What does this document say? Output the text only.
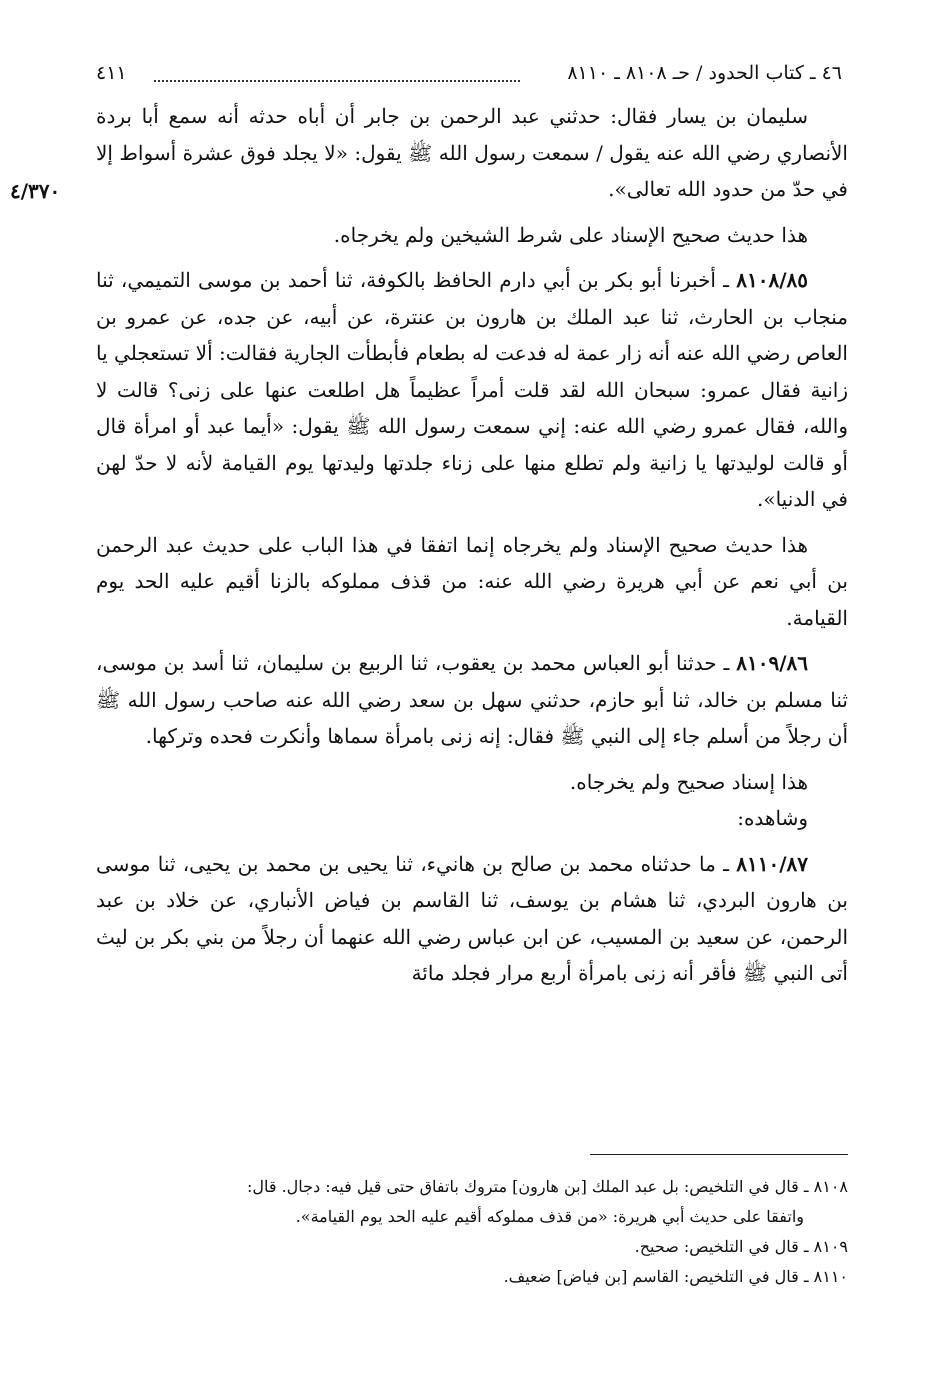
٤٦ ـ كتاب الحدود / حـ ٨١٠٨ ـ ٨١١٠
٤١١
٤/٣٧٠

سليمان بن يسار فقال: حدثني عبد الرحمن بن جابر أن أباه حدثه أنه سمع أبا بردة الأنصاري رضي الله عنه يقول / سمعت رسول الله ﷺ يقول: «لا يجلد فوق عشرة أسواط إلا في حدّ من حدود الله تعالى».

هذا حديث صحيح الإسناد على شرط الشيخين ولم يخرجاه.

٨١٠٨/٨٥ ـ أخبرنا أبو بكر بن أبي دارم الحافظ بالكوفة، ثنا أحمد بن موسى التميمي، ثنا منجاب بن الحارث، ثنا عبد الملك بن هارون بن عنترة، عن أبيه، عن جده، عن عمرو بن العاص رضي الله عنه أنه زار عمة له فدعت له بطعام فأبطأت الجارية فقالت: ألا تستعجلي يا زانية فقال عمرو: سبحان الله لقد قلت أمراً عظيماً هل اطلعت عنها على زنى؟ قالت لا والله، فقال عمرو رضي الله عنه: إني سمعت رسول الله ﷺ يقول: «أيما عبد أو امرأة قال أو قالت لوليدتها يا زانية ولم تطلع منها على زناء جلدتها وليدتها يوم القيامة لأنه لا حدّ لهن في الدنيا».

هذا حديث صحيح الإسناد ولم يخرجاه إنما اتفقا في هذا الباب على حديث عبد الرحمن بن أبي نعم عن أبي هريرة رضي الله عنه: من قذف مملوكه بالزنا أقيم عليه الحد يوم القيامة.

٨١٠٩/٨٦ ـ حدثنا أبو العباس محمد بن يعقوب، ثنا الربيع بن سليمان، ثنا أسد بن موسى، ثنا مسلم بن خالد، ثنا أبو حازم، حدثني سهل بن سعد رضي الله عنه صاحب رسول الله ﷺ أن رجلاً من أسلم جاء إلى النبي ﷺ فقال: إنه زنى بامرأة سماها وأنكرت فحده وتركها.

هذا إسناد صحيح ولم يخرجاه.

وشاهده:

٨١١٠/٨٧ ـ ما حدثناه محمد بن صالح بن هانيء، ثنا يحيى بن محمد بن يحيى، ثنا موسى بن هارون البردي، ثنا هشام بن يوسف، ثنا القاسم بن فياض الأنباري، عن خلاد بن عبد الرحمن، عن سعيد بن المسيب، عن ابن عباس رضي الله عنهما أن رجلاً من بني بكر بن ليث أتى النبي ﷺ فأقر أنه زنى بامرأة أربع مرار فجلد مائة

٨١٠٨ ـ قال في التلخيص: بل عبد الملك [بن هارون] متروك باتفاق حتى قيل فيه: دجال. قال:

واتفقا على حديث أبي هريرة: «من قذف مملوكه أقيم عليه الحد يوم القيامة».

٨١٠٩ ـ قال في التلخيص: صحيح.

٨١١٠ ـ قال في التلخيص: القاسم [بن فياض] ضعيف.
